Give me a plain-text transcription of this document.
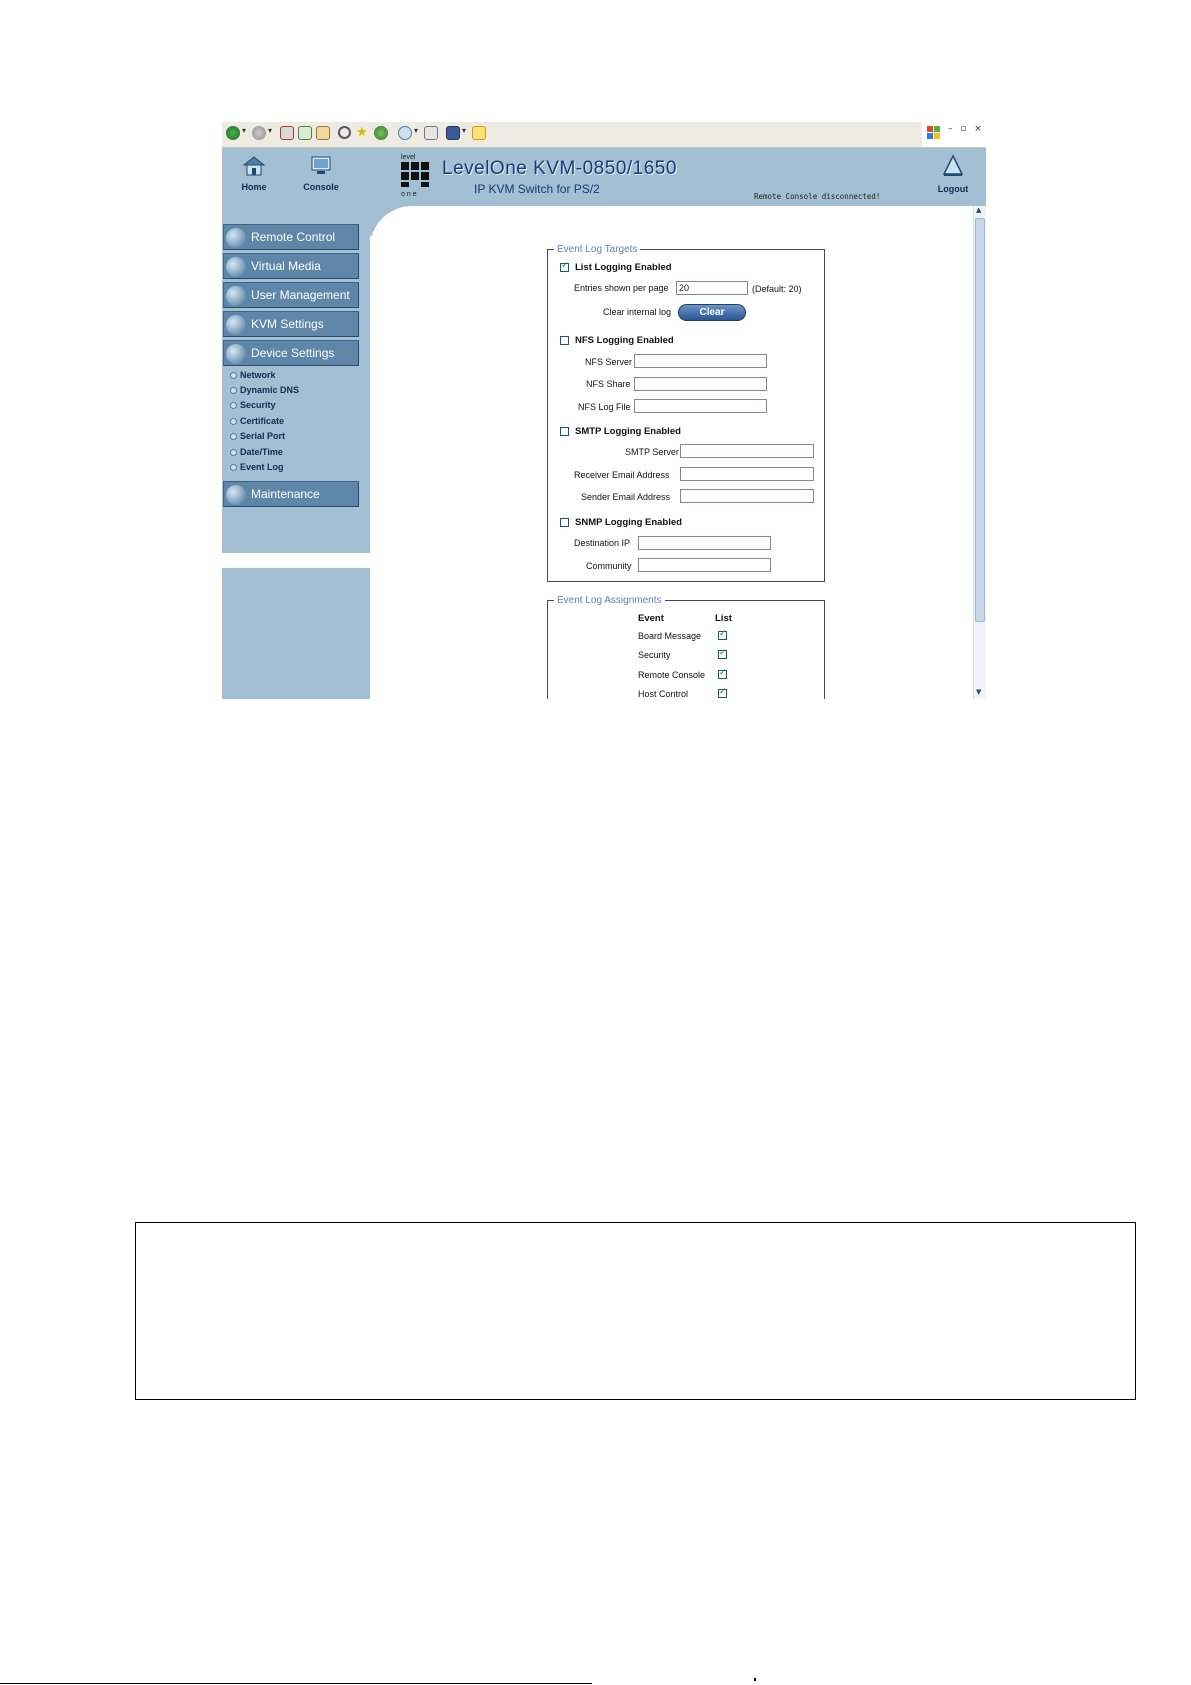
▾	▾	★	▾	▾	– ▫ ×
Home	Console
level
one
LevelOne KVM-0850/1650
IP KVM Switch for PS/2
Remote Console disconnected!
Logout
Remote Control
Virtual Media
User Management
KVM Settings
Device Settings
Network
Dynamic DNS
Security
Certificate
Serial Port
Date/Time
Event Log
Maintenance
Event Log Targets
✓
List Logging Enabled
Entries shown per page	20	(Default: 20)
Clear internal log	Clear
NFS Logging Enabled
NFS Server
NFS Share
NFS Log File
SMTP Logging Enabled
SMTP Server
Receiver Email Address
Sender Email Address
SNMP Logging Enabled
Destination IP
Community
Event Log Assignments
Event	List
Board Message
✓
Security
✓
Remote Console
✓
Host Control
✓
▲
▼
